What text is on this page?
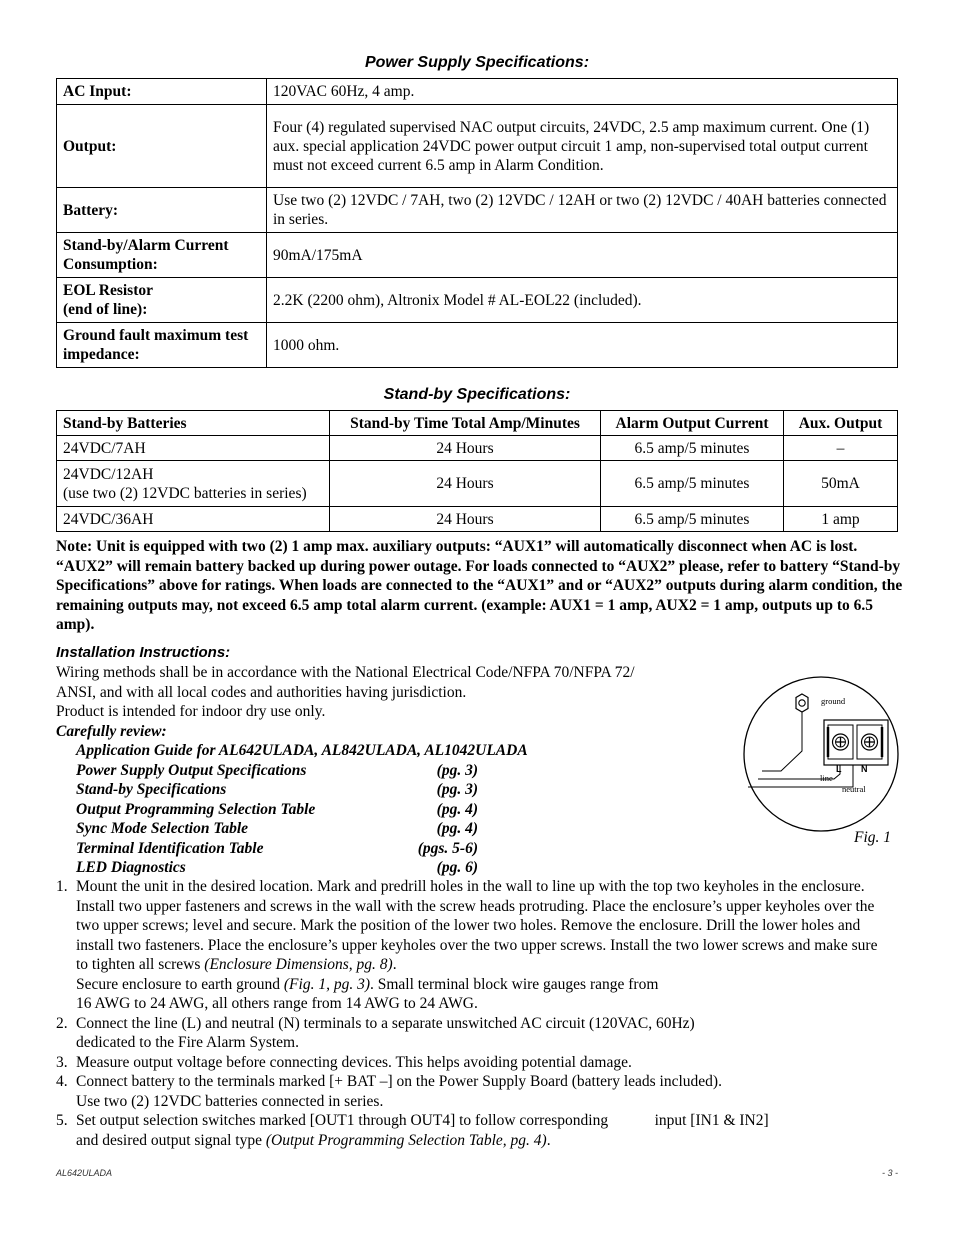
Power Supply Specifications:
AC Input:	120VAC 60Hz, 4 amp.
Output:	Four (4) regulated supervised NAC output circuits, 24VDC, 2.5 amp maximum current. One (1) aux. special application 24VDC power output circuit 1 amp, non-supervised total output current must not exceed current 6.5 amp in Alarm Condition.
Battery:	Use two (2) 12VDC / 7AH, two (2) 12VDC / 12AH or two (2) 12VDC / 40AH batteries connected in series.
Stand-by/Alarm Current Consumption:	90mA/175mA
EOL Resistor
(end of line):	2.2K (2200 ohm), Altronix Model # AL-EOL22 (included).
Ground fault maximum test impedance:	1000 ohm.
Stand-by Specifications:
Stand-by Batteries	Stand-by Time Total Amp/Minutes	Alarm Output Current	Aux. Output
24VDC/7AH	24 Hours	6.5 amp/5 minutes	–
24VDC/12AH
(use two (2) 12VDC batteries in series)	24 Hours	6.5 amp/5 minutes	50mA
24VDC/36AH	24 Hours	6.5 amp/5 minutes	1 amp
Note: Unit is equipped with two (2) 1 amp max. auxiliary outputs: “AUX1” will automatically disconnect when AC is lost. “AUX2” will remain battery backed up during power outage. For loads connected to “AUX2” please, refer to battery “Stand-by Specifications” above for ratings. When loads are connected to the “AUX1” and or “AUX2” outputs during alarm condition, the remaining outputs may, not exceed 6.5 amp total alarm current. (example: AUX1 = 1 amp, AUX2 = 1 amp, outputs up to 6.5 amp).
Installation Instructions:
Wiring methods shall be in accordance with the National Electrical Code/NFPA 70/NFPA 72/
ANSI, and with all local codes and authorities having jurisdiction.
Product is intended for indoor dry use only.
Carefully review:
Application Guide for AL642ULADA, AL842ULADA, AL1042ULADA
Power Supply Output Specifications	(pg. 3)
Stand-by Specifications	(pg. 3)
Output Programming Selection Table	(pg. 4)
Sync Mode Selection Table	(pg. 4)
Terminal Identification Table	(pgs. 5-6)
LED Diagnostics	(pg. 6)
ground
L N
line
neutral
Fig. 1
1. Mount the unit in the desired location. Mark and predrill holes in the wall to line up with the top two keyholes in the enclosure. Install two upper fasteners and screws in the wall with the screw heads protruding. Place the enclosure’s upper keyholes over the two upper screws; level and secure. Mark the position of the lower two holes. Remove the enclosure. Drill the lower holes and install two fasteners. Place the enclosure’s upper keyholes over the two upper screws. Install the two lower screws and make sure to tighten all screws (Enclosure Dimensions, pg. 8).
Secure enclosure to earth ground (Fig. 1, pg. 3). Small terminal block wire gauges range from
16 AWG to 24 AWG, all others range from 14 AWG to 24 AWG.
2. Connect the line (L) and neutral (N) terminals to a separate unswitched AC circuit (120VAC, 60Hz)
dedicated to the Fire Alarm System.
3. Measure output voltage before connecting devices. This helps avoiding potential damage.
4. Connect battery to the terminals marked [+ BAT –] on the Power Supply Board (battery leads included).
Use two (2) 12VDC batteries connected in series.
5. Set output selection switches marked [OUT1 through OUT4] to follow corresponding            input [IN1 & IN2]
and desired output signal type (Output Programming Selection Table, pg. 4).
AL642ULADA	- 3 -
